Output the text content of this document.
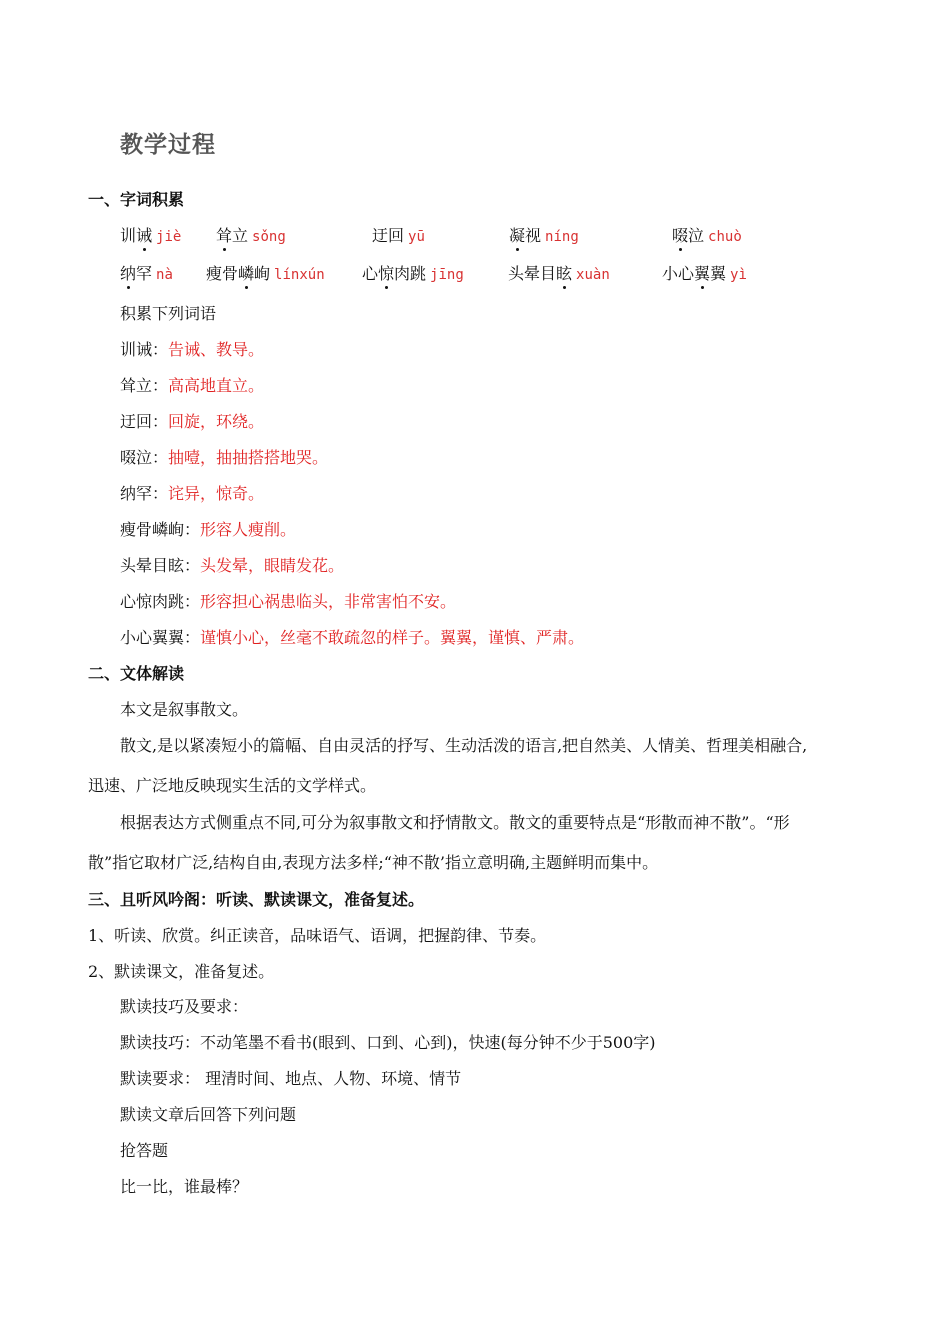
教学过程
一、字词积累
训诫 jiè 耸立 sǒng	迂回 yū	凝视 níng	啜泣 chuò
纳罕 nà 瘦骨嶙峋 línxún 心惊肉跳 jīng	头晕目眩 xuàn	小心翼翼 yì
积累下列词语
训诫：告诫、教导。
耸立：高高地直立。
迂回：回旋，环绕。
啜泣：抽噎，抽抽搭搭地哭。
纳罕：诧异，惊奇。
瘦骨嶙峋：形容人瘦削。
头晕目眩：头发晕，眼睛发花。
心惊肉跳：形容担心祸患临头，非常害怕不安。
小心翼翼：谨慎小心，丝毫不敢疏忽的样子。翼翼，谨慎、严肃。
二、文体解读
本文是叙事散文。
散文,是以紧凑短小的篇幅、自由灵活的抒写、生动活泼的语言,把自然美、人情美、哲理美相融合,
迅速、广泛地反映现实生活的文学样式。
根据表达方式侧重点不同,可分为叙事散文和抒情散文。散文的重要特点是“形散而神不散”。“形
散”指它取材广泛,结构自由,表现方法多样;“神不散’指立意明确,主题鲜明而集中。
三、且听风吟阁：听读、默读课文，准备复述。
1、听读、欣赏。纠正读音，品味语气、语调，把握韵律、节奏。
2、默读课文，准备复述。
默读技巧及要求：
默读技巧：不动笔墨不看书(眼到、口到、心到)，快速(每分钟不少于500字)
默读要求： 理清时间、地点、人物、环境、情节
默读文章后回答下列问题
抢答题
比一比，谁最棒？
